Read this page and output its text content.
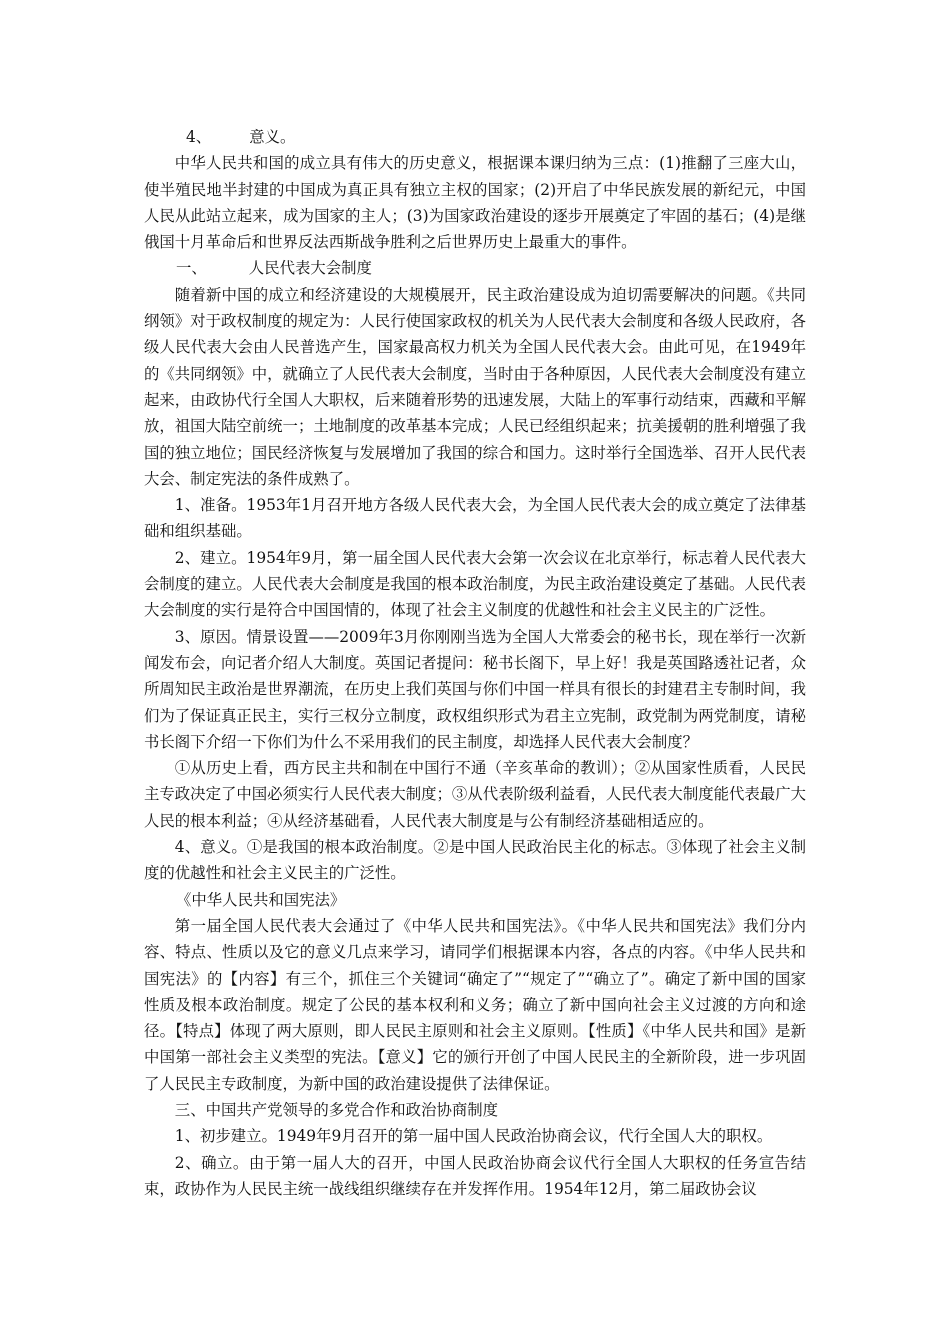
4、 意义。

中华人民共和国的成立具有伟大的历史意义，根据课本课归纳为三点：(1)推翻了三座大山，使半殖民地半封建的中国成为真正具有独立主权的国家；(2)开启了中华民族发展的新纪元，中国人民从此站立起来，成为国家的主人；(3)为国家政治建设的逐步开展奠定了牢固的基石；(4)是继俄国十月革命后和世界反法西斯战争胜利之后世界历史上最重大的事件。

一、	人民代表大会制度

随着新中国的成立和经济建设的大规模展开，民主政治建设成为迫切需要解决的问题。《共同纲领》对于政权制度的规定为：人民行使国家政权的机关为人民代表大会制度和各级人民政府，各级人民代表大会由人民普选产生，国家最高权力机关为全国人民代表大会。由此可见，在1949年的《共同纲领》中，就确立了人民代表大会制度，当时由于各种原因，人民代表大会制度没有建立起来，由政协代行全国人大职权，后来随着形势的迅速发展，大陆上的军事行动结束，西藏和平解放，祖国大陆空前统一；土地制度的改革基本完成；人民已经组织起来；抗美援朝的胜利增强了我国的独立地位；国民经济恢复与发展增加了我国的综合和国力。这时举行全国选举、召开人民代表大会、制定宪法的条件成熟了。

1、准备。1953年1月召开地方各级人民代表大会，为全国人民代表大会的成立奠定了法律基础和组织基础。

2、建立。1954年9月，第一届全国人民代表大会第一次会议在北京举行，标志着人民代表大会制度的建立。人民代表大会制度是我国的根本政治制度，为民主政治建设奠定了基础。人民代表大会制度的实行是符合中国国情的，体现了社会主义制度的优越性和社会主义民主的广泛性。

3、原因。情景设置——2009年3月你刚刚当选为全国人大常委会的秘书长，现在举行一次新闻发布会，向记者介绍人大制度。英国记者提问：秘书长阁下，早上好！我是英国路透社记者，众所周知民主政治是世界潮流，在历史上我们英国与你们中国一样具有很长的封建君主专制时间，我们为了保证真正民主，实行三权分立制度，政权组织形式为君主立宪制，政党制为两党制度，请秘书长阁下介绍一下你们为什么不采用我们的民主制度，却选择人民代表大会制度？

①从历史上看，西方民主共和制在中国行不通（辛亥革命的教训）；②从国家性质看，人民民主专政决定了中国必须实行人民代表大制度；③从代表阶级利益看，人民代表大制度能代表最广大人民的根本利益；④从经济基础看，人民代表大制度是与公有制经济基础相适应的。

4、意义。①是我国的根本政治制度。②是中国人民政治民主化的标志。③体现了社会主义制度的优越性和社会主义民主的广泛性。

《中华人民共和国宪法》

第一届全国人民代表大会通过了《中华人民共和国宪法》。《中华人民共和国宪法》我们分内容、特点、性质以及它的意义几点来学习，请同学们根据课本内容，各点的内容。《中华人民共和国宪法》的【内容】有三个，抓住三个关键词“确定了”“规定了”“确立了”。确定了新中国的国家性质及根本政治制度。规定了公民的基本权利和义务；确立了新中国向社会主义过渡的方向和途径。【特点】体现了两大原则，即人民民主原则和社会主义原则。【性质】《中华人民共和国》是新中国第一部社会主义类型的宪法。【意义】它的颁行开创了中国人民民主的全新阶段，进一步巩固了人民民主专政制度，为新中国的政治建设提供了法律保证。

三、中国共产党领导的多党合作和政治协商制度

1、初步建立。1949年9月召开的第一届中国人民政治协商会议，代行全国人大的职权。

2、确立。由于第一届人大的召开，中国人民政治协商会议代行全国人大职权的任务宣告结束，政协作为人民民主统一战线组织继续存在并发挥作用。1954年12月，第二届政协会议
